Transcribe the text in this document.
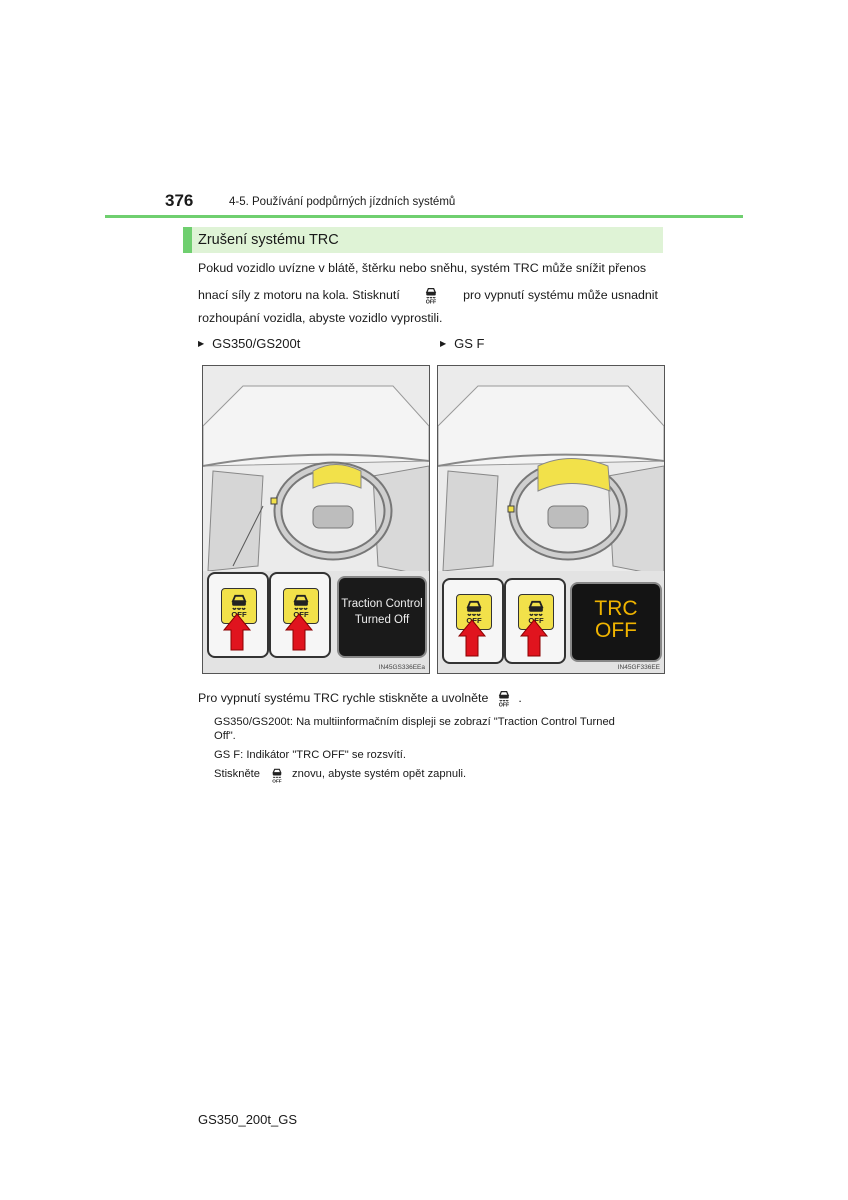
376	4-5. Používání podpůrných jízdních systémů
Zrušení systému TRC
Pokud vozidlo uvízne v blátě, štěrku nebo sněhu, systém TRC může snížit přenos
hnací síly z motoru na kola. Stisknutí	pro vypnutí systému může usnadnit
rozhoupání vozidla, abyste vozidlo vyprostili.
▶ GS350/GS200t	▶ GS F
Traction Control
Turned Off
IN45GS336EEa
TRC
OFF
IN45GF336EE
Pro vypnutí systému TRC rychle stiskněte a uvolněte .
GS350/GS200t: Na multiinformačním displeji se zobrazí "Traction Control Turned
Off".
GS F: Indikátor "TRC OFF" se rozsvítí.
Stiskněte	znovu, abyste systém opět zapnuli.
GS350_200t_GS
